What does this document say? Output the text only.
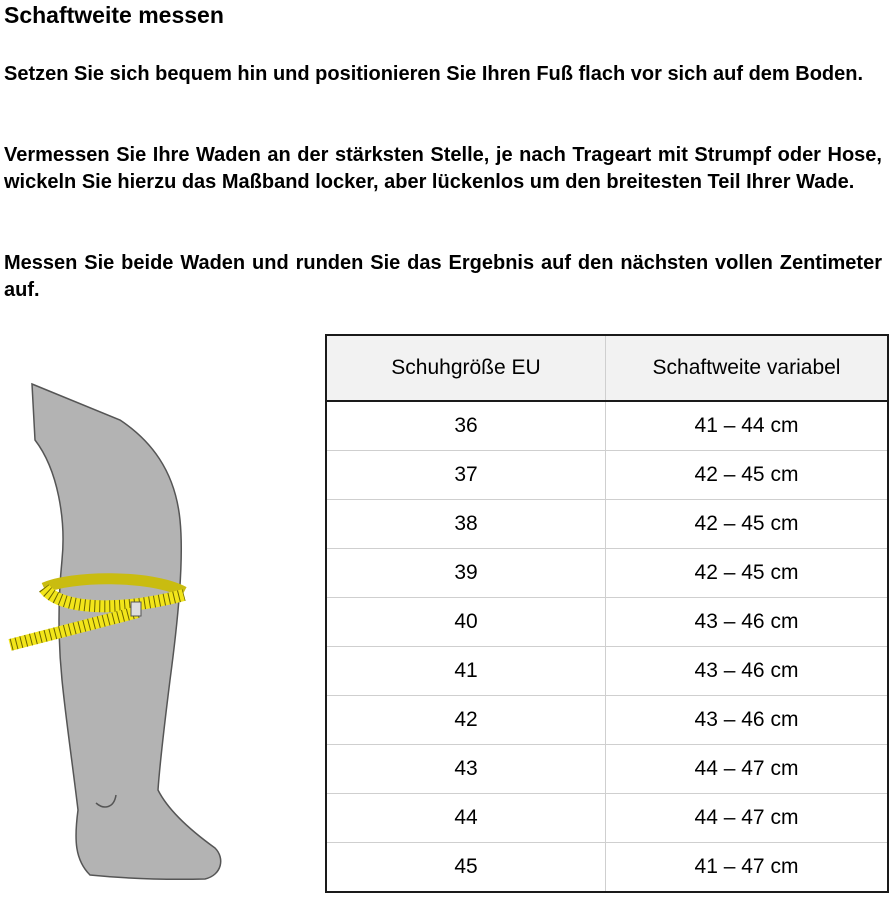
Schaftweite messen

Setzen Sie sich bequem hin und positionieren Sie Ihren Fuß flach vor sich auf dem Boden.

Vermessen Sie Ihre Waden an der stärksten Stelle, je nach Trageart mit Strumpf oder Hose, wickeln Sie hierzu das Maßband locker, aber lückenlos um den breitesten Teil Ihrer Wade.

Messen Sie beide Waden und runden Sie das Ergebnis auf den nächsten vollen Zentimeter auf.

Schuhgröße EU	Schaftweite variabel
36	41 – 44 cm
37	42 – 45 cm
38	42 – 45 cm
39	42 – 45 cm
40	43 – 46 cm
41	43 – 46 cm
42	43 – 46 cm
43	44 – 47 cm
44	44 – 47 cm
45	41 – 47 cm
